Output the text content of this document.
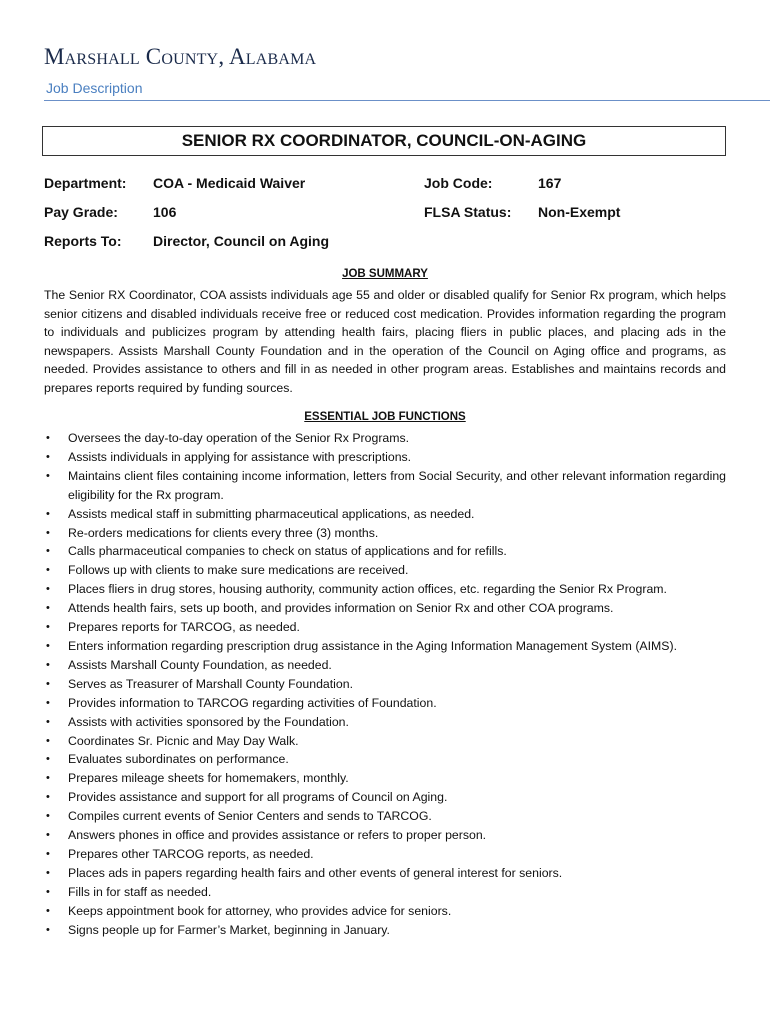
Marshall County, Alabama
Job Description
SENIOR RX COORDINATOR, COUNCIL-ON-AGING
Department: COA - Medicaid Waiver	Job Code:	167
Pay Grade:	106	FLSA Status: Non-Exempt
Reports To: Director, Council on Aging
JOB SUMMARY

The Senior RX Coordinator, COA assists individuals age 55 and older or disabled qualify for Senior Rx program, which helps senior citizens and disabled individuals receive free or reduced cost medication. Provides information regarding the program to individuals and publicizes program by attending health fairs, placing fliers in public places, and placing ads in the newspapers. Assists Marshall County Foundation and in the operation of the Council on Aging office and programs, as needed. Provides assistance to others and fill in as needed in other program areas. Establishes and maintains records and prepares reports required by funding sources.

ESSENTIAL JOB FUNCTIONS
• Oversees the day-to-day operation of the Senior Rx Programs.
• Assists individuals in applying for assistance with prescriptions.
• Maintains client files containing income information, letters from Social Security, and other relevant information regarding eligibility for the Rx program.
• Assists medical staff in submitting pharmaceutical applications, as needed.
• Re-orders medications for clients every three (3) months.
• Calls pharmaceutical companies to check on status of applications and for refills.
• Follows up with clients to make sure medications are received.
• Places fliers in drug stores, housing authority, community action offices, etc. regarding the Senior Rx Program.
• Attends health fairs, sets up booth, and provides information on Senior Rx and other COA programs.
• Prepares reports for TARCOG, as needed.
• Enters information regarding prescription drug assistance in the Aging Information Management System (AIMS).
• Assists Marshall County Foundation, as needed.
• Serves as Treasurer of Marshall County Foundation.
• Provides information to TARCOG regarding activities of Foundation.
• Assists with activities sponsored by the Foundation.
• Coordinates Sr. Picnic and May Day Walk.
• Evaluates subordinates on performance.
• Prepares mileage sheets for homemakers, monthly.
• Provides assistance and support for all programs of Council on Aging.
• Compiles current events of Senior Centers and sends to TARCOG.
• Answers phones in office and provides assistance or refers to proper person.
• Prepares other TARCOG reports, as needed.
• Places ads in papers regarding health fairs and other events of general interest for seniors.
• Fills in for staff as needed.
• Keeps appointment book for attorney, who provides advice for seniors.
• Signs people up for Farmer’s Market, beginning in January.
